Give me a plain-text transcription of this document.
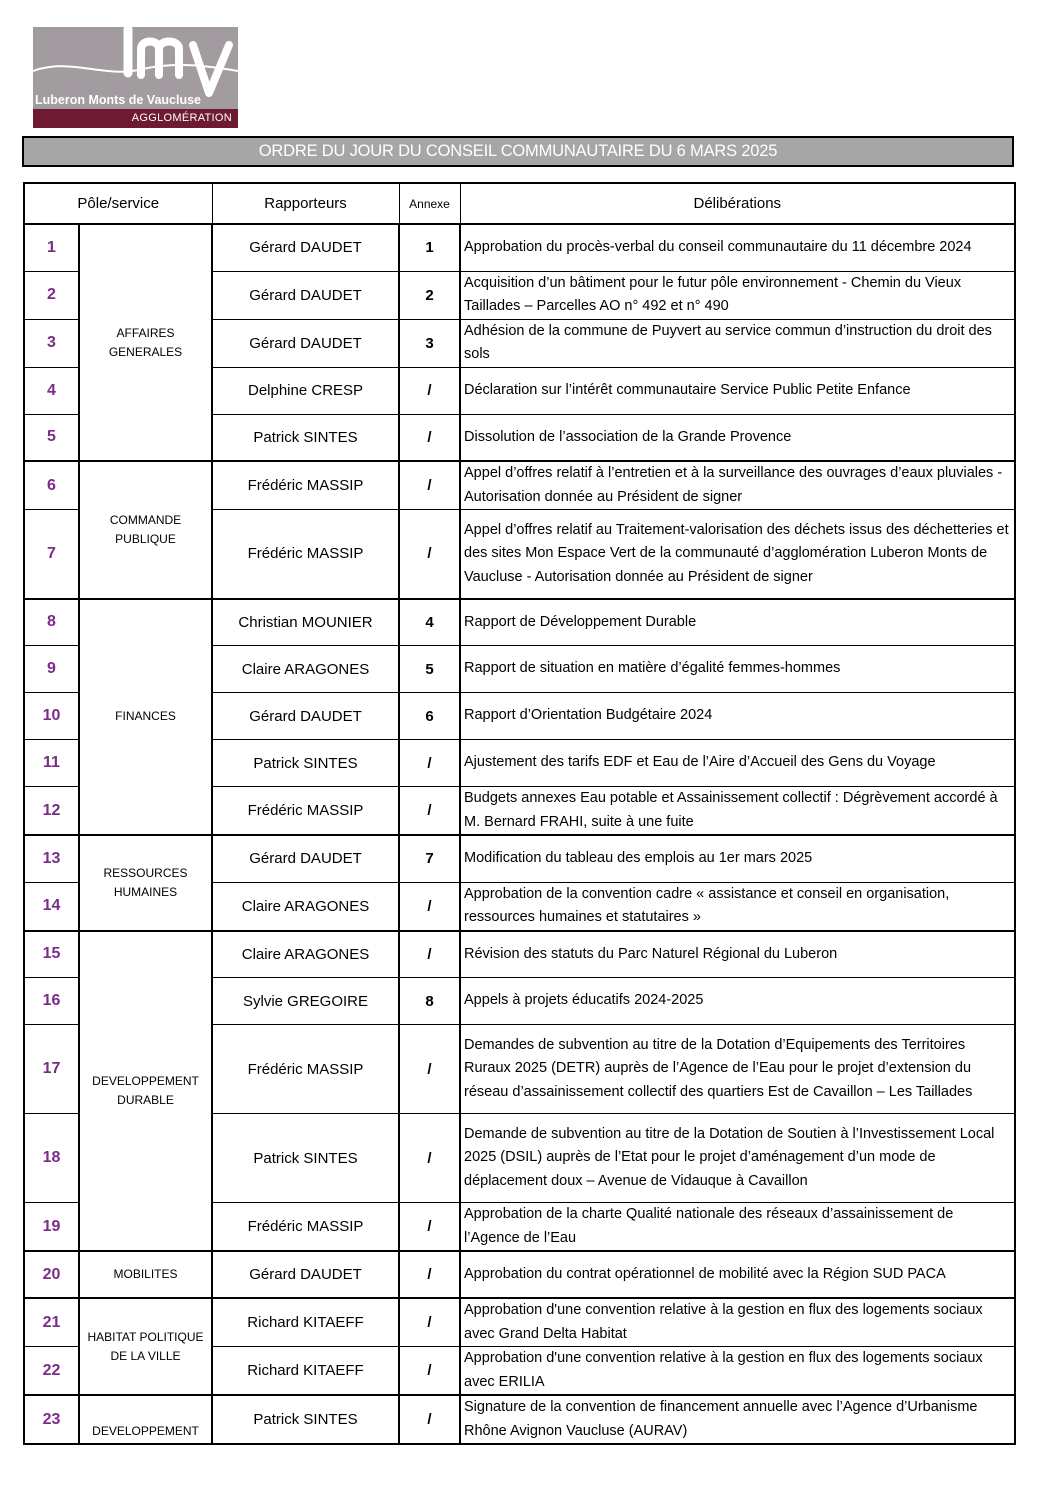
Luberon Monts de Vaucluse
AGGLOMÉRATION
ORDRE DU JOUR DU CONSEIL COMMUNAUTAIRE DU 6 MARS 2025
Pôle/service		Rapporteurs	Annexe	Délibérations
1	AFFAIRES GENERALES	Gérard DAUDET	1	Approbation du procès-verbal du conseil communautaire du 11 décembre 2024
2		Gérard DAUDET	2	Acquisition d’un bâtiment pour le futur pôle environnement - Chemin du Vieux Taillades – Parcelles AO n° 492 et n° 490
3		Gérard DAUDET	3	Adhésion de la commune de Puyvert au service commun d’instruction du droit des sols
4		Delphine CRESP	/	Déclaration sur l’intérêt communautaire Service Public Petite Enfance
5		Patrick SINTES	/	Dissolution de l’association de la Grande Provence
6	COMMANDE PUBLIQUE	Frédéric MASSIP	/	Appel d’offres relatif à l’entretien et à la surveillance des ouvrages d’eaux pluviales - Autorisation donnée au Président de signer
7		Frédéric MASSIP	/	Appel d’offres relatif au Traitement-valorisation des déchets issus des déchetteries et des sites Mon Espace Vert de la communauté d’agglomération Luberon Monts de Vaucluse - Autorisation donnée au Président de signer
8	FINANCES	Christian MOUNIER	4	Rapport de Développement Durable
9		Claire ARAGONES	5	Rapport de situation en matière d’égalité femmes-hommes
10		Gérard DAUDET	6	Rapport d’Orientation Budgétaire 2024
11		Patrick SINTES	/	Ajustement des tarifs EDF et Eau de l’Aire d’Accueil des Gens du Voyage
12		Frédéric MASSIP	/	Budgets annexes Eau potable et Assainissement collectif : Dégrèvement accordé à M. Bernard FRAHI, suite à une fuite
13	RESSOURCES HUMAINES	Gérard DAUDET	7	Modification du tableau des emplois au 1er mars 2025
14		Claire ARAGONES	/	Approbation de la convention cadre « assistance et conseil en organisation, ressources humaines et statutaires »
15	DEVELOPPEMENT DURABLE	Claire ARAGONES	/	Révision des statuts du Parc Naturel Régional du Luberon
16		Sylvie GREGOIRE	8	Appels à projets éducatifs 2024-2025
17		Frédéric MASSIP	/	Demandes de subvention au titre de la Dotation d’Equipements des Territoires Ruraux 2025 (DETR) auprès de l’Agence de l’Eau pour le projet d’extension du réseau d’assainissement collectif des quartiers Est de Cavaillon – Les Taillades
18		Patrick SINTES	/	Demande de subvention au titre de la Dotation de Soutien à l’Investissement Local 2025 (DSIL) auprès de l’Etat pour le projet d’aménagement d’un mode de déplacement doux – Avenue de Vidauque à Cavaillon
19		Frédéric MASSIP	/	Approbation de la charte Qualité nationale des réseaux d’assainissement de l’Agence de l’Eau
20	MOBILITES	Gérard DAUDET	/	Approbation du contrat opérationnel de mobilité avec la Région SUD PACA
21	HABITAT POLITIQUE DE LA VILLE	Richard KITAEFF	/	Approbation d'une convention relative à la gestion en flux des logements sociaux avec Grand Delta Habitat
22		Richard KITAEFF	/	Approbation d'une convention relative à la gestion en flux des logements sociaux avec ERILIA
23	DEVELOPPEMENT	Patrick SINTES	/	Signature de la convention de financement annuelle avec l’Agence d’Urbanisme Rhône Avignon Vaucluse (AURAV)
